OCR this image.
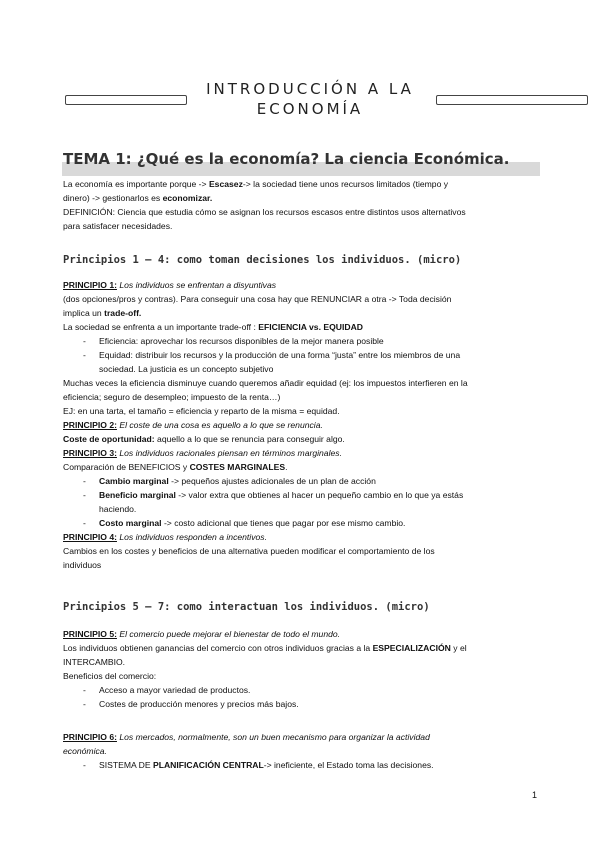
INTRODUCCIÓN A LA
ECONOMÍA
TEMA 1: ¿Qué es la economía? La ciencia Económica.

La economía es importante porque -> Escasez-> la sociedad tiene unos recursos limitados (tiempo y

dinero) -> gestionarlos es economizar.

DEFINICIÓN: Ciencia que estudia cómo se asignan los recursos escasos entre distintos usos alternativos

para satisfacer necesidades.

Principios 1 – 4: como toman decisiones los individuos. (micro)

PRINCIPIO 1: Los individuos se enfrentan a disyuntivas

(dos opciones/pros y contras). Para conseguir una cosa hay que RENUNCIAR a otra -> Toda decisión

implica un trade-off.

La sociedad se enfrenta a un importante trade-off : EFICIENCIA vs. EQUIDAD

- Eficiencia: aprovechar los recursos disponibles de la mejor manera posible

- Equidad: distribuir los recursos y la producción de una forma “justa” entre los miembros de una

sociedad. La justicia es un concepto subjetivo

Muchas veces la eficiencia disminuye cuando queremos añadir equidad (ej: los impuestos interfieren en la

eficiencia; seguro de desempleo; impuesto de la renta…)

EJ: en una tarta, el tamaño = eficiencia y reparto de la misma = equidad.

PRINCIPIO 2: El coste de una cosa es aquello a lo que se renuncia.

Coste de oportunidad: aquello a lo que se renuncia para conseguir algo.

PRINCIPIO 3: Los individuos racionales piensan en términos marginales.

Comparación de BENEFICIOS y COSTES MARGINALES.

- Cambio marginal -> pequeños ajustes adicionales de un plan de acción

- Beneficio marginal -> valor extra que obtienes al hacer un pequeño cambio en lo que ya estás

haciendo.

- Costo marginal -> costo adicional que tienes que pagar por ese mismo cambio.

PRINCIPIO 4: Los individuos responden a incentivos.

Cambios en los costes y beneficios de una alternativa pueden modificar el comportamiento de los

individuos

Principios 5 – 7: como interactuan los individuos. (micro)

PRINCIPIO 5: El comercio puede mejorar el bienestar de todo el mundo.

Los individuos obtienen ganancias del comercio con otros individuos gracias a la ESPECIALIZACIÓN y el

INTERCAMBIO.

Beneficios del comercio:

- Acceso a mayor variedad de productos.

- Costes de producción menores y precios más bajos.

PRINCIPIO 6: Los mercados, normalmente, son un buen mecanismo para organizar la actividad

económica.

- SISTEMA DE PLANIFICACIÓN CENTRAL-> ineficiente, el Estado toma las decisiones.

1
